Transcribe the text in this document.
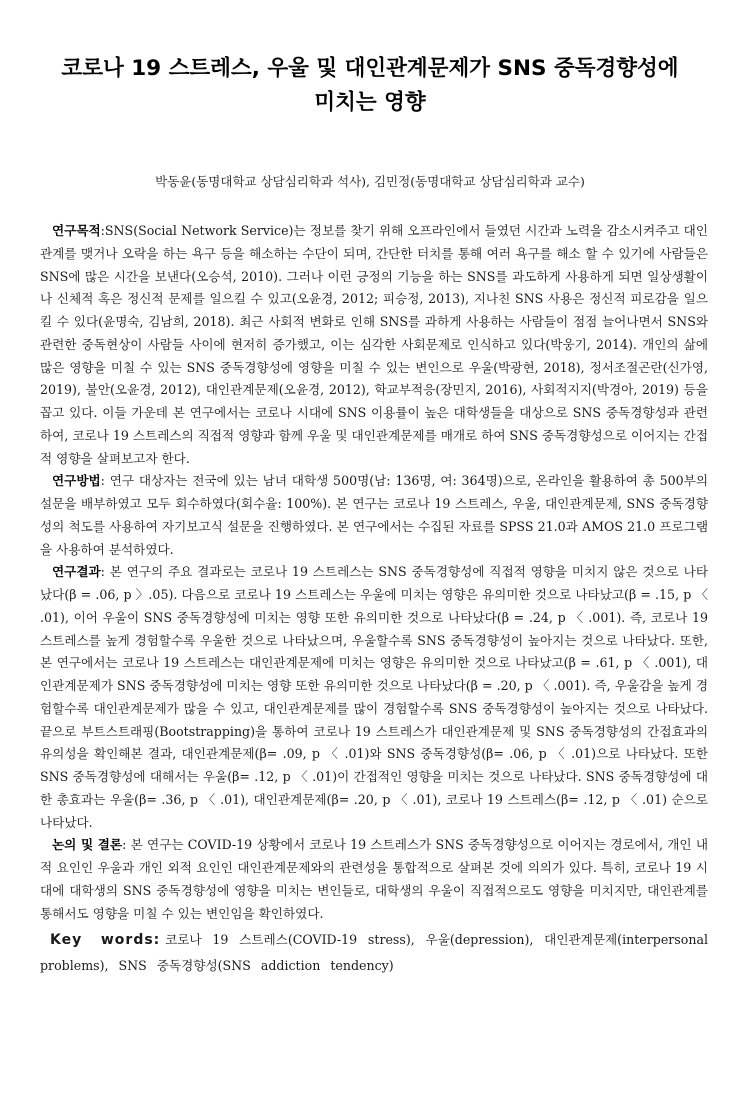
코로나 19 스트레스, 우울 및 대인관계문제가 SNS 중독경향성에
미치는 영향
박동윤(동명대학교 상담심리학과 석사), 김민정(동명대학교 상담심리학과 교수)

연구목적:SNS(Social Network Service)는 정보를 찾기 위해 오프라인에서 들였던 시간과 노력을 감소시켜주고 대인관계를 맺거나 오락을 하는 욕구 등을 해소하는 수단이 되며, 간단한 터치를 통해 여러 욕구를 해소 할 수 있기에 사람들은 SNS에 많은 시간을 보낸다(오승석, 2010). 그러나 이런 긍정의 기능을 하는 SNS를 과도하게 사용하게 되면 일상생활이나 신체적 혹은 정신적 문제를 일으킬 수 있고(오윤경, 2012; 피승정, 2013), 지나친 SNS 사용은 정신적 피로감을 일으킬 수 있다(윤명숙, 김남희, 2018). 최근 사회적 변화로 인해 SNS를 과하게 사용하는 사람들이 점점 늘어나면서 SNS와 관련한 중독현상이 사람들 사이에 현저히 증가했고, 이는 심각한 사회문제로 인식하고 있다(박웅기, 2014). 개인의 삶에 많은 영향을 미칠 수 있는 SNS 중독경향성에 영향을 미칠 수 있는 변인으로 우울(박광현, 2018), 정서조절곤란(신가영, 2019), 불안(오윤경, 2012), 대인관계문제(오윤경, 2012), 학교부적응(장민지, 2016), 사회적지지(박경아, 2019) 등을 꼽고 있다. 이들 가운데 본 연구에서는 코로나 시대에 SNS 이용률이 높은 대학생들을 대상으로 SNS 중독경향성과 관련하여, 코로나 19 스트레스의 직접적 영향과 함께 우울 및 대인관계문제를 매개로 하여 SNS 중독경향성으로 이어지는 간접적 영향을 살펴보고자 한다.

연구방법: 연구 대상자는 전국에 있는 남녀 대학생 500명(남: 136명, 여: 364명)으로, 온라인을 활용하여 총 500부의 설문을 배부하였고 모두 회수하였다(회수율: 100%). 본 연구는 코로나 19 스트레스, 우울, 대인관계문제, SNS 중독경향성의 척도를 사용하여 자기보고식 설문을 진행하였다. 본 연구에서는 수집된 자료를 SPSS 21.0과 AMOS 21.0 프로그램을 사용하여 분석하였다.

연구결과: 본 연구의 주요 결과로는 코로나 19 스트레스는 SNS 중독경향성에 직접적 영향을 미치지 않은 것으로 나타났다(β = .06, p 〉.05). 다음으로 코로나 19 스트레스는 우울에 미치는 영향은 유의미한 것으로 나타났고(β = .15, p 〈 .01), 이어 우울이 SNS 중독경향성에 미치는 영향 또한 유의미한 것으로 나타났다(β = .24, p 〈 .001). 즉, 코로나 19 스트레스를 높게 경험할수록 우울한 것으로 나타났으며, 우울할수록 SNS 중독경향성이 높아지는 것으로 나타났다. 또한, 본 연구에서는 코로나 19 스트레스는 대인관계문제에 미치는 영향은 유의미한 것으로 나타났고(β = .61, p 〈 .001), 대인관계문제가 SNS 중독경향성에 미치는 영향 또한 유의미한 것으로 나타났다(β = .20, p 〈 .001). 즉, 우울감을 높게 경험할수록 대인관계문제가 많을 수 있고, 대인관계문제를 많이 경험할수록 SNS 중독경향성이 높아지는 것으로 나타났다. 끝으로 부트스트래핑(Bootstrapping)을 통하여 코로나 19 스트레스가 대인관계문제 및 SNS 중독경향성의 간접효과의 유의성을 확인해본 결과, 대인관계문제(β= .09, p 〈 .01)와 SNS 중독경향성(β= .06, p 〈 .01)으로 나타났다. 또한 SNS 중독경향성에 대해서는 우울(β= .12, p 〈 .01)이 간접적인 영향을 미치는 것으로 나타났다. SNS 중독경향성에 대한 총효과는 우울(β= .36, p 〈 .01), 대인관계문제(β= .20, p 〈 .01), 코로나 19 스트레스(β= .12, p 〈 .01) 순으로 나타났다.

논의 및 결론: 본 연구는 COVID-19 상황에서 코로나 19 스트레스가 SNS 중독경향성으로 이어지는 경로에서, 개인 내적 요인인 우울과 개인 외적 요인인 대인관계문제와의 관련성을 통합적으로 살펴본 것에 의의가 있다. 특히, 코로나 19 시대에 대학생의 SNS 중독경향성에 영향을 미치는 변인들로, 대학생의 우울이 직접적으로도 영향을 미치지만, 대인관계를 통해서도 영향을 미칠 수 있는 변인임을 확인하였다.

Key words: 코로나 19 스트레스(COVID-19 stress), 우울(depression), 대인관계문제(interpersonal problems), SNS 중독경향성(SNS addiction tendency)
